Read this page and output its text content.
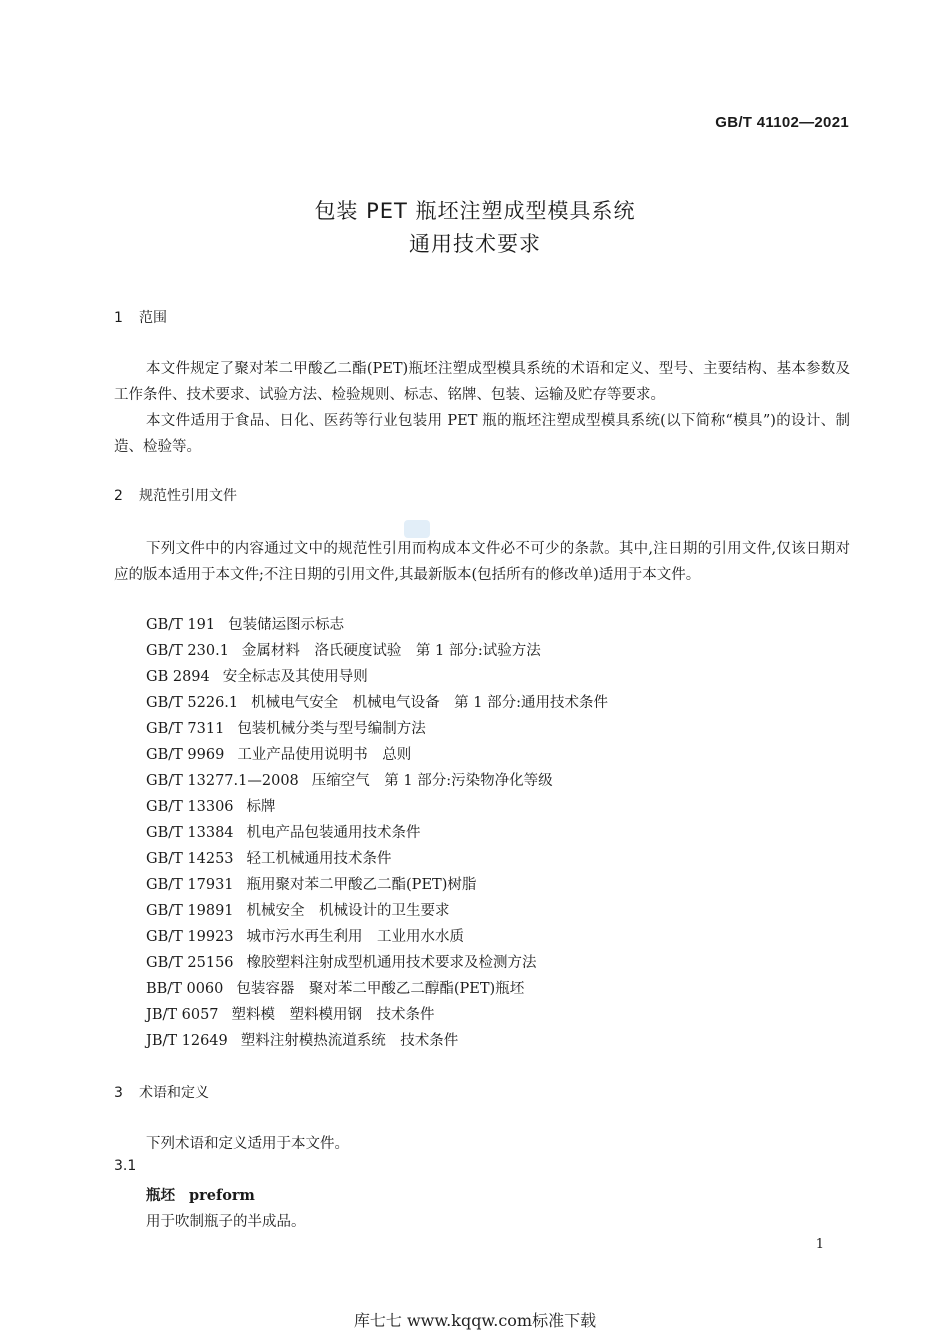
GB/T 41102—2021
包装 PET 瓶坯注塑成型模具系统
通用技术要求
1 范围

本文件规定了聚对苯二甲酸乙二酯(PET)瓶坯注塑成型模具系统的术语和定义、型号、主要结构、基本参数及工作条件、技术要求、试验方法、检验规则、标志、铭牌、包装、运输及贮存等要求。

本文件适用于食品、日化、医药等行业包装用 PET 瓶的瓶坯注塑成型模具系统(以下简称“模具”)的设计、制造、检验等。

2 规范性引用文件

下列文件中的内容通过文中的规范性引用而构成本文件必不可少的条款。其中,注日期的引用文件,仅该日期对应的版本适用于本文件;不注日期的引用文件,其最新版本(包括所有的修改单)适用于本文件。

GB/T 191 包装储运图示标志
GB/T 230.1 金属材料　洛氏硬度试验　第 1 部分:试验方法
GB 2894 安全标志及其使用导则
GB/T 5226.1 机械电气安全　机械电气设备　第 1 部分:通用技术条件
GB/T 7311 包装机械分类与型号编制方法
GB/T 9969 工业产品使用说明书　总则
GB/T 13277.1—2008 压缩空气　第 1 部分:污染物净化等级
GB/T 13306 标牌
GB/T 13384 机电产品包装通用技术条件
GB/T 14253 轻工机械通用技术条件
GB/T 17931 瓶用聚对苯二甲酸乙二酯(PET)树脂
GB/T 19891 机械安全　机械设计的卫生要求
GB/T 19923 城市污水再生利用　工业用水水质
GB/T 25156 橡胶塑料注射成型机通用技术要求及检测方法
BB/T 0060 包装容器　聚对苯二甲酸乙二醇酯(PET)瓶坯
JB/T 6057 塑料模　塑料模用钢　技术条件
JB/T 12649 塑料注射模热流道系统　技术条件
3 术语和定义
下列术语和定义适用于本文件。
3.1
瓶坯 preform
用于吹制瓶子的半成品。
1
库七七 www.kqqw.com标准下载
